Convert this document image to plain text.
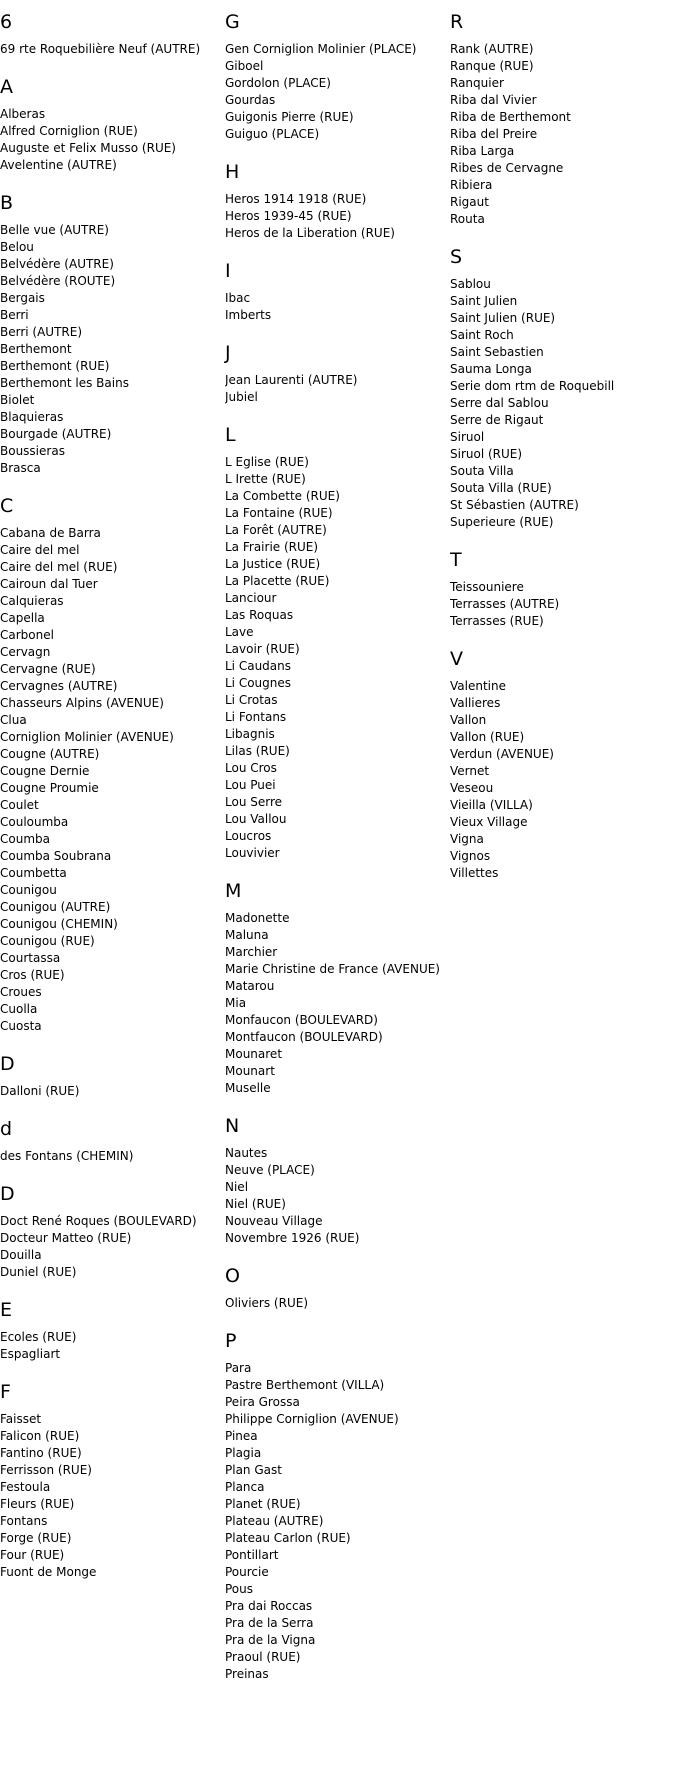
6
69 rte Roquebilière Neuf (AUTRE)
A
Alberas
Alfred Corniglion (RUE)
Auguste et Felix Musso (RUE)
Avelentine (AUTRE)
B
Belle vue (AUTRE)
Belou
Belvédère (AUTRE)
Belvédère (ROUTE)
Bergais
Berri
Berri (AUTRE)
Berthemont
Berthemont (RUE)
Berthemont les Bains
Biolet
Blaquieras
Bourgade (AUTRE)
Boussieras
Brasca
C
Cabana de Barra
Caire del mel
Caire del mel (RUE)
Cairoun dal Tuer
Calquieras
Capella
Carbonel
Cervagn
Cervagne (RUE)
Cervagnes (AUTRE)
Chasseurs Alpins (AVENUE)
Clua
Corniglion Molinier (AVENUE)
Cougne (AUTRE)
Cougne Dernie
Cougne Proumie
Coulet
Couloumba
Coumba
Coumba Soubrana
Coumbetta
Counigou
Counigou (AUTRE)
Counigou (CHEMIN)
Counigou (RUE)
Courtassa
Cros (RUE)
Croues
Cuolla
Cuosta
D
Dalloni (RUE)
d
des Fontans (CHEMIN)
D
Doct René Roques (BOULEVARD)
Docteur Matteo (RUE)
Douilla
Duniel (RUE)
E
Ecoles (RUE)
Espagliart
F
Faisset
Falicon (RUE)
Fantino (RUE)
Ferrisson (RUE)
Festoula
Fleurs (RUE)
Fontans
Forge (RUE)
Four (RUE)
Fuont de Monge
G
Gen Corniglion Molinier (PLACE)
Giboel
Gordolon (PLACE)
Gourdas
Guigonis Pierre (RUE)
Guiguo (PLACE)
H
Heros 1914 1918 (RUE)
Heros 1939-45 (RUE)
Heros de la Liberation (RUE)
I
Ibac
Imberts
J
Jean Laurenti (AUTRE)
Jubiel
L
L Eglise (RUE)
L Irette (RUE)
La Combette (RUE)
La Fontaine (RUE)
La Forêt (AUTRE)
La Frairie (RUE)
La Justice (RUE)
La Placette (RUE)
Lanciour
Las Roquas
Lave
Lavoir (RUE)
Li Caudans
Li Cougnes
Li Crotas
Li Fontans
Libagnis
Lilas (RUE)
Lou Cros
Lou Puei
Lou Serre
Lou Vallou
Loucros
Louvivier
M
Madonette
Maluna
Marchier
Marie Christine de France (AVENUE)
Matarou
Mia
Monfaucon (BOULEVARD)
Montfaucon (BOULEVARD)
Mounaret
Mounart
Muselle
N
Nautes
Neuve (PLACE)
Niel
Niel (RUE)
Nouveau Village
Novembre 1926 (RUE)
O
Oliviers (RUE)
P
Para
Pastre Berthemont (VILLA)
Peira Grossa
Philippe Corniglion (AVENUE)
Pinea
Plagia
Plan Gast
Planca
Planet (RUE)
Plateau (AUTRE)
Plateau Carlon (RUE)
Pontillart
Pourcie
Pous
Pra dai Roccas
Pra de la Serra
Pra de la Vigna
Praoul (RUE)
Preinas
R
Rank (AUTRE)
Ranque (RUE)
Ranquier
Riba dal Vivier
Riba de Berthemont
Riba del Preire
Riba Larga
Ribes de Cervagne
Ribiera
Rigaut
Routa
S
Sablou
Saint Julien
Saint Julien (RUE)
Saint Roch
Saint Sebastien
Sauma Longa
Serie dom rtm de Roquebill
Serre dal Sablou
Serre de Rigaut
Siruol
Siruol (RUE)
Souta Villa
Souta Villa (RUE)
St Sébastien (AUTRE)
Superieure (RUE)
T
Teissouniere
Terrasses (AUTRE)
Terrasses (RUE)
V
Valentine
Vallieres
Vallon
Vallon (RUE)
Verdun (AVENUE)
Vernet
Veseou
Vieilla (VILLA)
Vieux Village
Vigna
Vignos
Villettes
